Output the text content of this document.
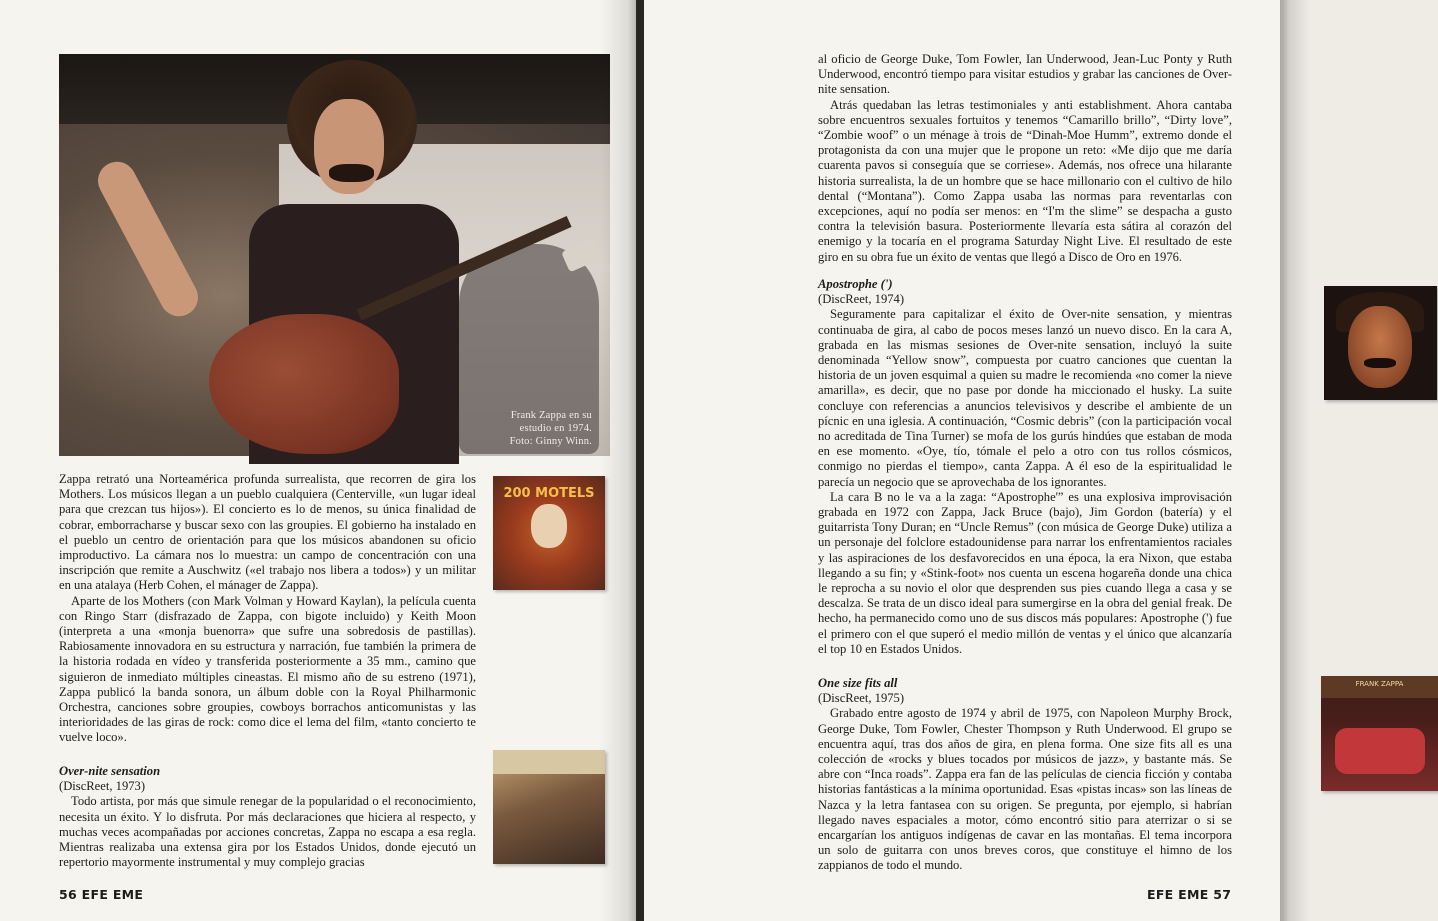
Frank Zappa en su
estudio en 1974.
Foto: Ginny Winn.

Zappa retrató una Norteamérica profunda surrealista, que recorren de gira los Mothers. Los músicos llegan a un pueblo cualquiera (Centerville, «un lugar ideal para que crezcan tus hijos»). El concierto es lo de menos, su única finalidad de cobrar, emborracharse y buscar sexo con las groupies. El gobierno ha instalado en el pueblo un centro de orientación para que los músicos abandonen su oficio improductivo. La cámara nos lo muestra: un campo de concentración con una inscripción que remite a Auschwitz («el trabajo nos libera a todos») y un militar en una atalaya (Herb Cohen, el mánager de Zappa).

Aparte de los Mothers (con Mark Volman y Howard Kaylan), la película cuenta con Ringo Starr (disfrazado de Zappa, con bigote incluido) y Keith Moon (interpreta a una «monja buenorra» que sufre una sobredosis de pastillas). Rabiosamente innovadora en su estructura y narración, fue también la primera de la historia rodada en vídeo y transferida posteriormente a 35 mm., camino que siguieron de inmediato múltiples cineastas. El mismo año de su estreno (1971), Zappa publicó la banda sonora, un álbum doble con la Royal Philharmonic Orchestra, canciones sobre groupies, cowboys borrachos anticomunistas y las interioridades de las giras de rock: como dice el lema del film, «tanto concierto te vuelve loco».

Over-nite sensation

(DiscReet, 1973)

Todo artista, por más que simule renegar de la popularidad o el reconocimiento, necesita un éxito. Y lo disfruta. Por más declaraciones que hiciera al respecto, y muchas veces acompañadas por acciones concretas, Zappa no escapa a esa regla. Mientras realizaba una extensa gira por los Estados Unidos, donde ejecutó un repertorio mayormente instrumental y muy complejo gracias

200 MOTELS
56 EFE EME

al oficio de George Duke, Tom Fowler, Ian Underwood, Jean-Luc Ponty y Ruth Underwood, encontró tiempo para visitar estudios y grabar las canciones de Over-nite sensation.

Atrás quedaban las letras testimoniales y anti establishment. Ahora cantaba sobre encuentros sexuales fortuitos y tenemos “Camarillo brillo”, “Dirty love”, “Zombie woof” o un ménage à trois de “Dinah-Moe Humm”, extremo donde el protagonista da con una mujer que le propone un reto: «Me dijo que me daría cuarenta pavos si conseguía que se corriese». Además, nos ofrece una hilarante historia surrealista, la de un hombre que se hace millonario con el cultivo de hilo dental (“Montana”). Como Zappa usaba las normas para reventarlas con excepciones, aquí no podía ser menos: en “I'm the slime” se despacha a gusto contra la televisión basura. Posteriormente llevaría esta sátira al corazón del enemigo y la tocaría en el programa Saturday Night Live. El resultado de este giro en su obra fue un éxito de ventas que llegó a Disco de Oro en 1976.

Apostrophe (')

(DiscReet, 1974)

Seguramente para capitalizar el éxito de Over-nite sensation, y mientras continuaba de gira, al cabo de pocos meses lanzó un nuevo disco. En la cara A, grabada en las mismas sesiones de Over-nite sensation, incluyó la suite denominada “Yellow snow”, compuesta por cuatro canciones que cuentan la historia de un joven esquimal a quien su madre le recomienda «no comer la nieve amarilla», es decir, que no pase por donde ha miccionado el husky. La suite concluye con referencias a anuncios televisivos y describe el ambiente de un pícnic en una iglesia. A continuación, “Cosmic debris” (con la participación vocal no acreditada de Tina Turner) se mofa de los gurús hindúes que estaban de moda en ese momento. «Oye, tío, tómale el pelo a otro con tus rollos cósmicos, conmigo no pierdas el tiempo», canta Zappa. A él eso de la espiritualidad le parecía un negocio que se aprovechaba de los ignorantes.

La cara B no le va a la zaga: “Apostrophe'” es una explosiva improvisación grabada en 1972 con Zappa, Jack Bruce (bajo), Jim Gordon (batería) y el guitarrista Tony Duran; en “Uncle Remus” (con música de George Duke) utiliza a un personaje del folclore estadounidense para narrar los enfrentamientos raciales y las aspiraciones de los desfavorecidos en una época, la era Nixon, que estaba llegando a su fin; y «Stink-foot» nos cuenta un escena hogareña donde una chica le reprocha a su novio el olor que desprenden sus pies cuando llega a casa y se descalza. Se trata de un disco ideal para sumergirse en la obra del genial freak. De hecho, ha permanecido como uno de sus discos más populares: Apostrophe (') fue el primero con el que superó el medio millón de ventas y el único que alcanzaría el top 10 en Estados Unidos.

FRANK ZAPPA

One size fits all

(DiscReet, 1975)

Grabado entre agosto de 1974 y abril de 1975, con Napoleon Murphy Brock, George Duke, Tom Fowler, Chester Thompson y Ruth Underwood. El grupo se encuentra aquí, tras dos años de gira, en plena forma. One size fits all es una colección de «rocks y blues tocados por músicos de jazz», y bastante más. Se abre con “Inca roads”. Zappa era fan de las películas de ciencia ficción y contaba historias fantásticas a la mínima oportunidad. Esas «pistas incas» son las líneas de Nazca y la letra fantasea con su origen. Se pregunta, por ejemplo, si habrían llegado naves espaciales a motor, cómo encontró sitio para aterrizar o si se encargarían los antiguos indígenas de cavar en las montañas. El tema incorpora un solo de guitarra con unos breves coros, que constituye el himno de los zappianos de todo el mundo.

EFE EME 57
